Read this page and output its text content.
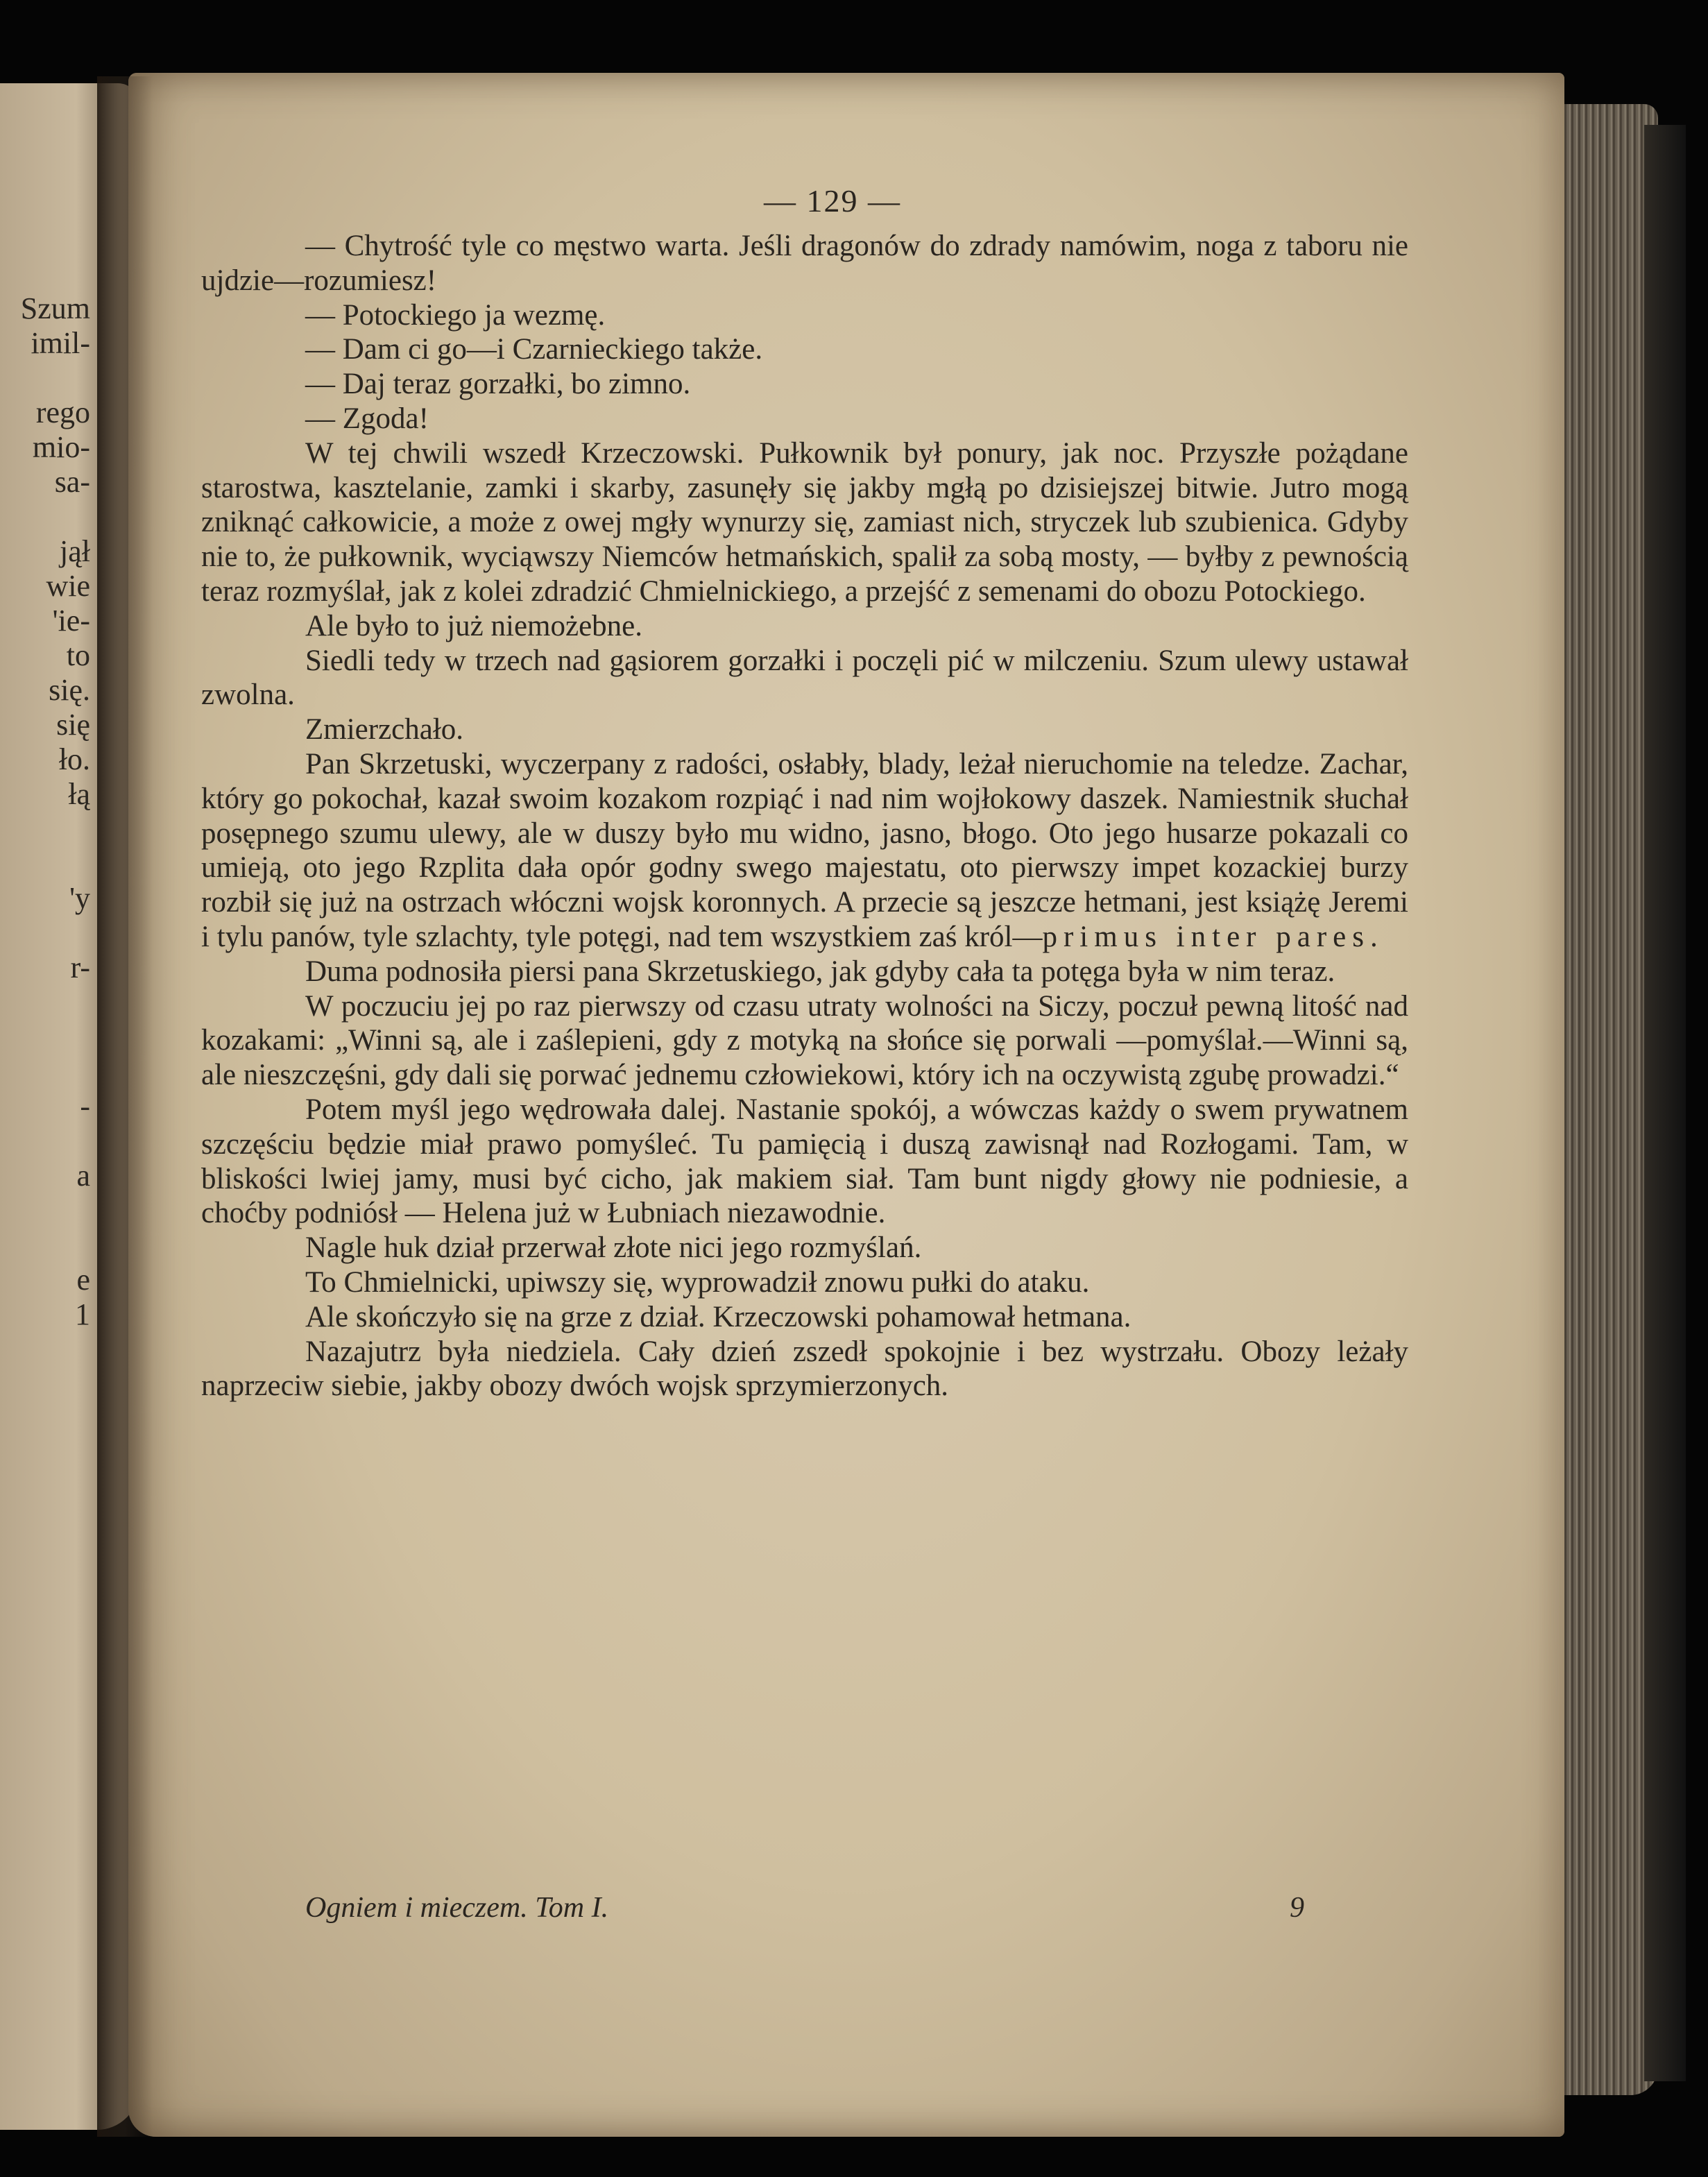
Szum
imil-
rego
mio-
sa-
jął
wie
'ie-
to
się.
się
ło.
łą
'y
r-
-
a
e
1
— 129 —

— Chytrość tyle co męstwo warta. Jeśli dragonów do zdrady namówim, noga z taboru nie ujdzie—rozumiesz!

— Potockiego ja wezmę.

— Dam ci go—i Czarnieckiego także.

— Daj teraz gorzałki, bo zimno.

— Zgoda!

W tej chwili wszedł Krzeczowski. Pułkownik był ponury, jak noc. Przyszłe pożądane starostwa, kasztelanie, zamki i skarby, zasunęły się jakby mgłą po dzisiejszej bitwie. Jutro mogą zniknąć całkowicie, a może z owej mgły wynurzy się, zamiast nich, stryczek lub szubienica. Gdyby nie to, że pułkownik, wyciąwszy Niemców hetmańskich, spalił za sobą mosty, — byłby z pewnością teraz rozmyślał, jak z kolei zdradzić Chmielnickiego, a przejść z semenami do obozu Potockiego.

Ale było to już niemożebne.

Siedli tedy w trzech nad gąsiorem gorzałki i poczęli pić w milczeniu. Szum ulewy ustawał zwolna.

Zmierzchało.

Pan Skrzetuski, wyczerpany z radości, osłabły, blady, leżał nieruchomie na teledze. Zachar, który go pokochał, kazał swoim kozakom rozpiąć i nad nim wojłokowy daszek. Namiestnik słuchał posępnego szumu ulewy, ale w duszy było mu widno, jasno, błogo. Oto jego husarze pokazali co umieją, oto jego Rzplita dała opór godny swego majestatu, oto pierwszy impet kozackiej burzy rozbił się już na ostrzach włóczni wojsk koronnych. A przecie są jeszcze hetmani, jest książę Jeremi i tylu panów, tyle szlachty, tyle potęgi, nad tem wszystkiem zaś król—primus inter pares.

Duma podnosiła piersi pana Skrzetuskiego, jak gdyby cała ta potęga była w nim teraz.

W poczuciu jej po raz pierwszy od czasu utraty wolności na Siczy, poczuł pewną litość nad kozakami: „Winni są, ale i zaślepieni, gdy z motyką na słońce się porwali —pomyślał.—Winni są, ale nieszczęśni, gdy dali się porwać jednemu człowiekowi, który ich na oczywistą zgubę prowadzi.“

Potem myśl jego wędrowała dalej. Nastanie spokój, a wówczas każdy o swem prywatnem szczęściu będzie miał prawo pomyśleć. Tu pamięcią i duszą zawisnął nad Rozłogami. Tam, w bliskości lwiej jamy, musi być cicho, jak makiem siał. Tam bunt nigdy głowy nie podniesie, a choćby podniósł — Helena już w Łubniach niezawodnie.

Nagle huk dział przerwał złote nici jego rozmyślań.

To Chmielnicki, upiwszy się, wyprowadził znowu pułki do ataku.

Ale skończyło się na grze z dział. Krzeczowski pohamował hetmana.

Nazajutrz była niedziela. Cały dzień zszedł spokojnie i bez wystrzału. Obozy leżały naprzeciw siebie, jakby obozy dwóch wojsk sprzymierzonych.

Ogniem i mieczem. Tom I.	9
